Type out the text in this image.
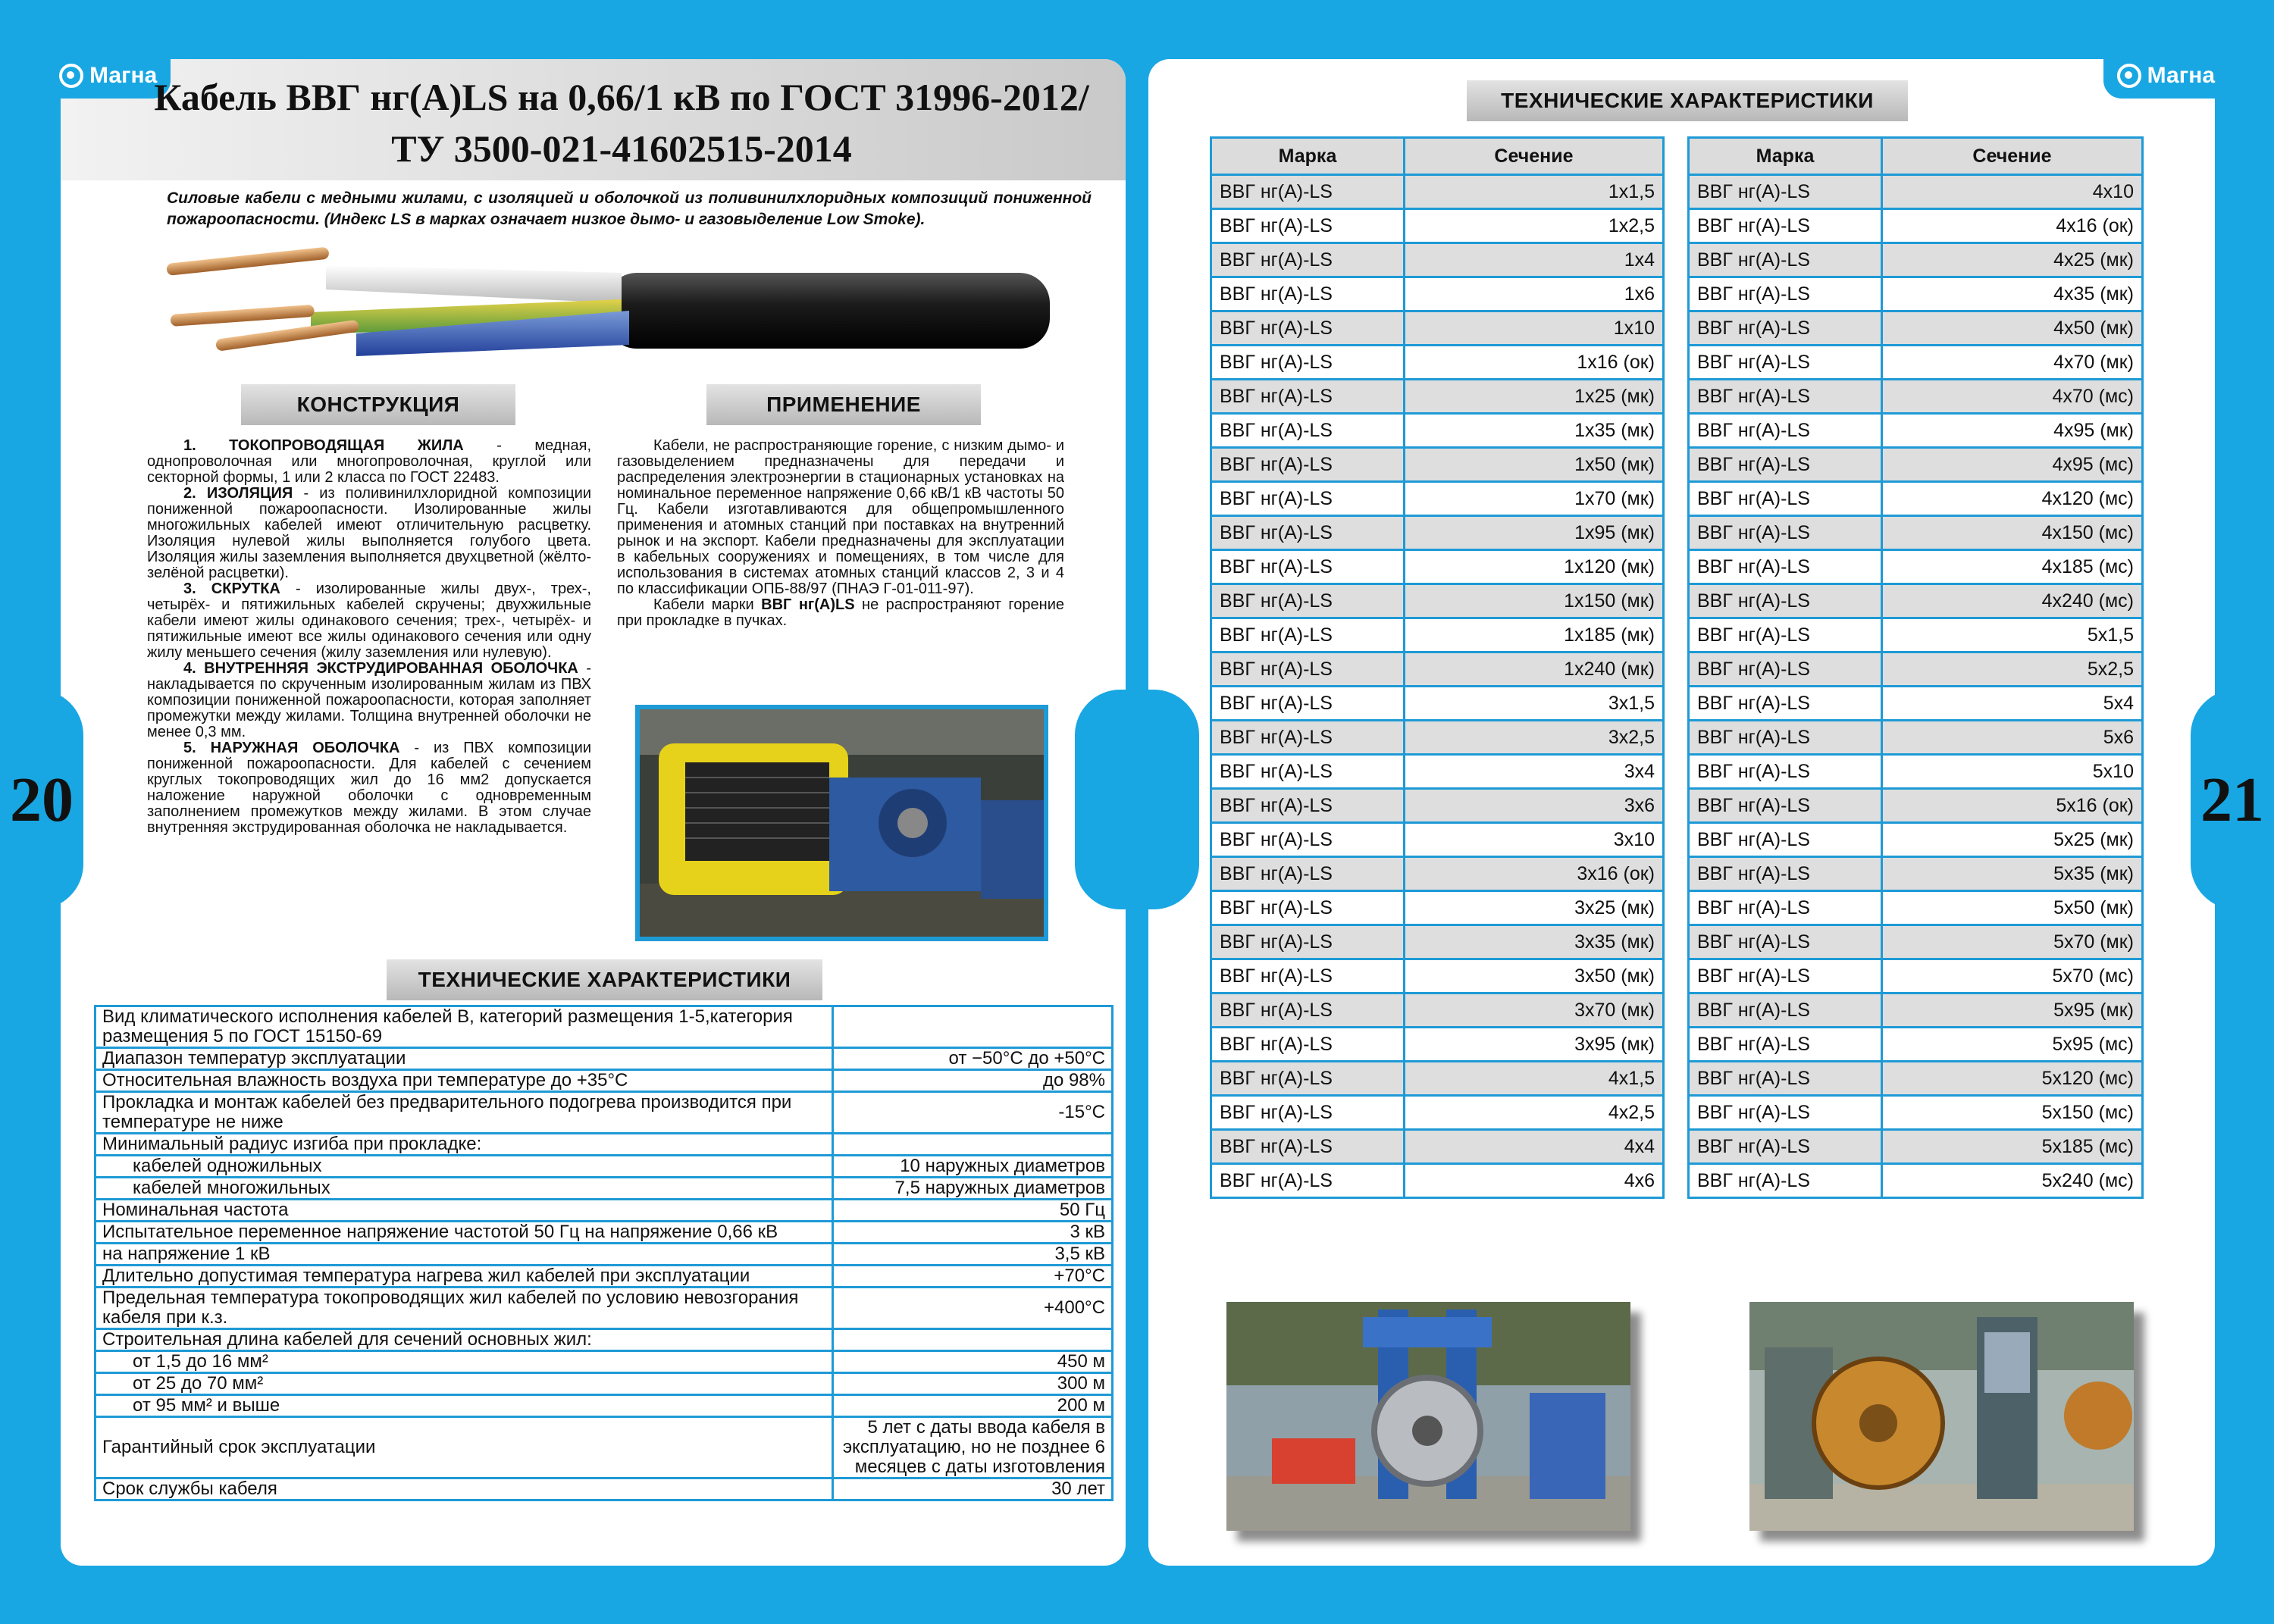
20	21
Магна	Магна
Кабель ВВГ нг(А)LS на 0,66/1 кВ по ГОСТ 31996-2012/ ТУ 3500-021-41602515-2014
Силовые кабели с медными жилами, с изоляцией и оболочкой из поливинилхлоридных композиций пониженной пожароопасности. (Индекс LS в марках означает низкое дымо- и газовыделение Low Smoke).
КОНСТРУКЦИЯ	ПРИМЕНЕНИЕ

1. ТОКОПРОВОДЯЩАЯ ЖИЛА - медная, однопроволочная или многопроволочная, круглой или секторной формы, 1 или 2 класса по ГОСТ 22483.

2. ИЗОЛЯЦИЯ - из поливинилхлоридной композиции пониженной пожароопасности. Изолированные жилы многожильных кабелей имеют отличительную расцветку. Изоляция нулевой жилы выполняется голубого цвета. Изоляция жилы заземления выполняется двухцветной (жёлто-зелёной расцветки).

3. СКРУТКА - изолированные жилы двух-, трех-, четырёх- и пятижильных кабелей скручены; двухжильные кабели имеют жилы одинакового сечения; трех-, четырёх- и пятижильные имеют все жилы одинакового сечения или одну жилу меньшего сечения (жилу заземления или нулевую).

4. ВНУТРЕННЯЯ ЭКСТРУДИРОВАННАЯ ОБОЛОЧКА - накладывается по скрученным изолированным жилам из ПВХ композиции пониженной пожароопасности, которая заполняет промежутки между жилами. Толщина внутренней оболочки не менее 0,3 мм.

5. НАРУЖНАЯ ОБОЛОЧКА - из ПВХ композиции пониженной пожароопасности. Для кабелей с сечением круглых токопроводящих жил до 16 мм2 допускается наложение наружной оболочки с одновременным заполнением промежутков между жилами. В этом случае внутренняя экструдированная оболочка не накладывается.

Кабели, не распространяющие горение, с низким дымо- и газовыделением предназначены для передачи и распределения электроэнергии в стационарных установках на номинальное переменное напряжение 0,66 кВ/1 кВ частоты 50 Гц. Кабели изготавливаются для общепромышленного применения и атомных станций при поставках на внутренний рынок и на экспорт. Кабели предназначены для эксплуатации в кабельных сооружениях и помещениях, в том числе для использования в системах атомных станций классов 2, 3 и 4 по классификации ОПБ-88/97 (ПНАЭ Г-01-011-97).

Кабели марки ВВГ нг(А)LS не распространяют горение при прокладке в пучках.

ТЕХНИЧЕСКИЕ ХАРАКТЕРИСТИКИ
Вид климатического исполнения кабелей В, категорий размещения 1-5,категория размещения 5 по ГОСТ 15150-69	
Диапазон температур эксплуатации	от −50°С до +50°С
Относительная влажность воздуха при температуре до +35°С	до 98%
Прокладка и монтаж кабелей без предварительного подогрева производится при температуре не ниже	-15°С
Минимальный радиус изгиба при прокладке:	
кабелей одножильных	10 наружных диаметров
кабелей многожильных	7,5 наружных диаметров
Номинальная частота	50 Гц
Испытательное переменное напряжение частотой 50 Гц на напряжение 0,66 кВ	3 кВ
на напряжение 1 кВ	3,5 кВ
Длительно допустимая температура нагрева жил кабелей при эксплуатации	+70°С
Предельная температура токопроводящих жил кабелей по условию невозгорания кабеля при к.з.	+400°С
Строительная длина кабелей для сечений основных жил:	
от 1,5 до 16 мм²	450 м
от 25 до 70 мм²	300 м
от 95 мм² и выше	200 м
Гарантийный срок эксплуатации	5 лет с даты ввода кабеля в эксплуатацию, но не позднее 6 месяцев с даты изготовления
Срок службы кабеля	30 лет
ТЕХНИЧЕСКИЕ ХАРАКТЕРИСТИКИ
Марка	Сечение
ВВГ нг(А)-LS	1x1,5
ВВГ нг(А)-LS	1x2,5
ВВГ нг(А)-LS	1x4
ВВГ нг(А)-LS	1x6
ВВГ нг(А)-LS	1x10
ВВГ нг(А)-LS	1x16 (ок)
ВВГ нг(А)-LS	1x25 (мк)
ВВГ нг(А)-LS	1x35 (мк)
ВВГ нг(А)-LS	1x50 (мк)
ВВГ нг(А)-LS	1x70 (мк)
ВВГ нг(А)-LS	1x95 (мк)
ВВГ нг(А)-LS	1x120 (мк)
ВВГ нг(А)-LS	1x150 (мк)
ВВГ нг(А)-LS	1x185 (мк)
ВВГ нг(А)-LS	1x240 (мк)
ВВГ нг(А)-LS	3x1,5
ВВГ нг(А)-LS	3x2,5
ВВГ нг(А)-LS	3x4
ВВГ нг(А)-LS	3x6
ВВГ нг(А)-LS	3x10
ВВГ нг(А)-LS	3x16 (ок)
ВВГ нг(А)-LS	3x25 (мк)
ВВГ нг(А)-LS	3x35 (мк)
ВВГ нг(А)-LS	3x50 (мк)
ВВГ нг(А)-LS	3x70 (мк)
ВВГ нг(А)-LS	3x95 (мк)
ВВГ нг(А)-LS	4x1,5
ВВГ нг(А)-LS	4x2,5
ВВГ нг(А)-LS	4x4
ВВГ нг(А)-LS	4x6
Марка	Сечение
ВВГ нг(А)-LS	4x10
ВВГ нг(А)-LS	4x16 (ок)
ВВГ нг(А)-LS	4x25 (мк)
ВВГ нг(А)-LS	4x35 (мк)
ВВГ нг(А)-LS	4x50 (мк)
ВВГ нг(А)-LS	4x70 (мк)
ВВГ нг(А)-LS	4x70 (мс)
ВВГ нг(А)-LS	4x95 (мк)
ВВГ нг(А)-LS	4x95 (мс)
ВВГ нг(А)-LS	4x120 (мс)
ВВГ нг(А)-LS	4x150 (мс)
ВВГ нг(А)-LS	4x185 (мс)
ВВГ нг(А)-LS	4x240 (мс)
ВВГ нг(А)-LS	5x1,5
ВВГ нг(А)-LS	5x2,5
ВВГ нг(А)-LS	5x4
ВВГ нг(А)-LS	5x6
ВВГ нг(А)-LS	5x10
ВВГ нг(А)-LS	5x16 (ок)
ВВГ нг(А)-LS	5x25 (мк)
ВВГ нг(А)-LS	5x35 (мк)
ВВГ нг(А)-LS	5x50 (мк)
ВВГ нг(А)-LS	5x70 (мк)
ВВГ нг(А)-LS	5x70 (мс)
ВВГ нг(А)-LS	5x95 (мк)
ВВГ нг(А)-LS	5x95 (мс)
ВВГ нг(А)-LS	5x120 (мс)
ВВГ нг(А)-LS	5x150 (мс)
ВВГ нг(А)-LS	5x185 (мс)
ВВГ нг(А)-LS	5x240 (мс)
